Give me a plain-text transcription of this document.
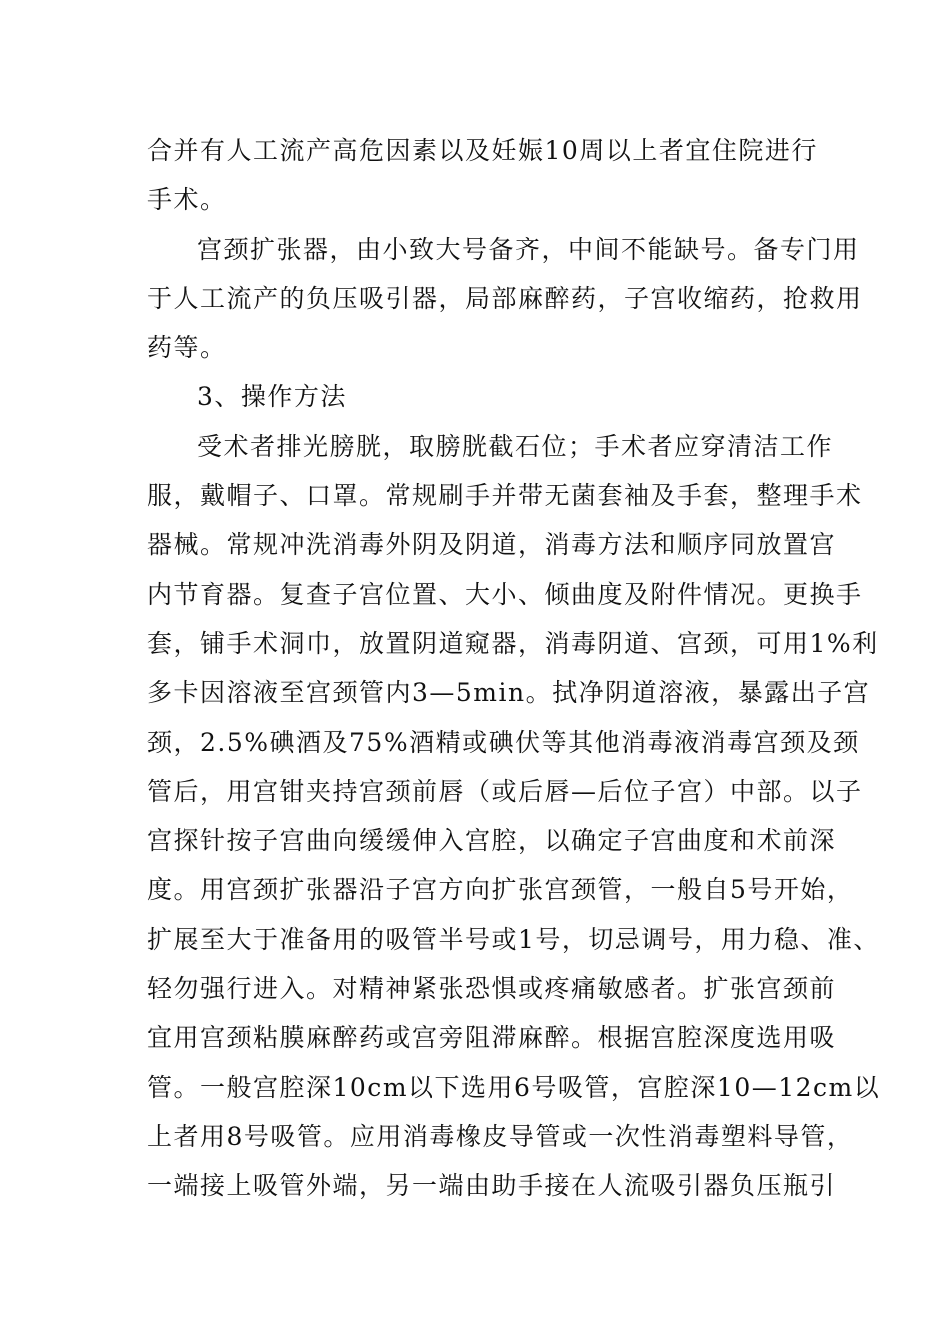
合并有人工流产高危因素以及妊娠10周以上者宜住院进行
手术。
宫颈扩张器，由小致大号备齐，中间不能缺号。备专门用
于人工流产的负压吸引器，局部麻醉药，子宫收缩药，抢救用
药等。
3、操作方法
受术者排光膀胱，取膀胱截石位；手术者应穿清洁工作
服，戴帽子、口罩。常规刷手并带无菌套袖及手套，整理手术
器械。常规冲洗消毒外阴及阴道，消毒方法和顺序同放置宫
内节育器。复查子宫位置、大小、倾曲度及附件情况。更换手
套，铺手术洞巾，放置阴道窥器，消毒阴道、宫颈，可用1%利
多卡因溶液至宫颈管内3—5min。拭净阴道溶液，暴露出子宫
颈，2.5%碘酒及75%酒精或碘伏等其他消毒液消毒宫颈及颈
管后，用宫钳夹持宫颈前唇（或后唇—后位子宫）中部。以子
宫探针按子宫曲向缓缓伸入宫腔，以确定子宫曲度和术前深
度。用宫颈扩张器沿子宫方向扩张宫颈管，一般自5号开始，
扩展至大于准备用的吸管半号或1号，切忌调号，用力稳、准、
轻勿强行进入。对精神紧张恐惧或疼痛敏感者。扩张宫颈前
宜用宫颈粘膜麻醉药或宫旁阻滞麻醉。根据宫腔深度选用吸
管。一般宫腔深10cm以下选用6号吸管，宫腔深10—12cm以
上者用8号吸管。应用消毒橡皮导管或一次性消毒塑料导管，
一端接上吸管外端，另一端由助手接在人流吸引器负压瓶引
